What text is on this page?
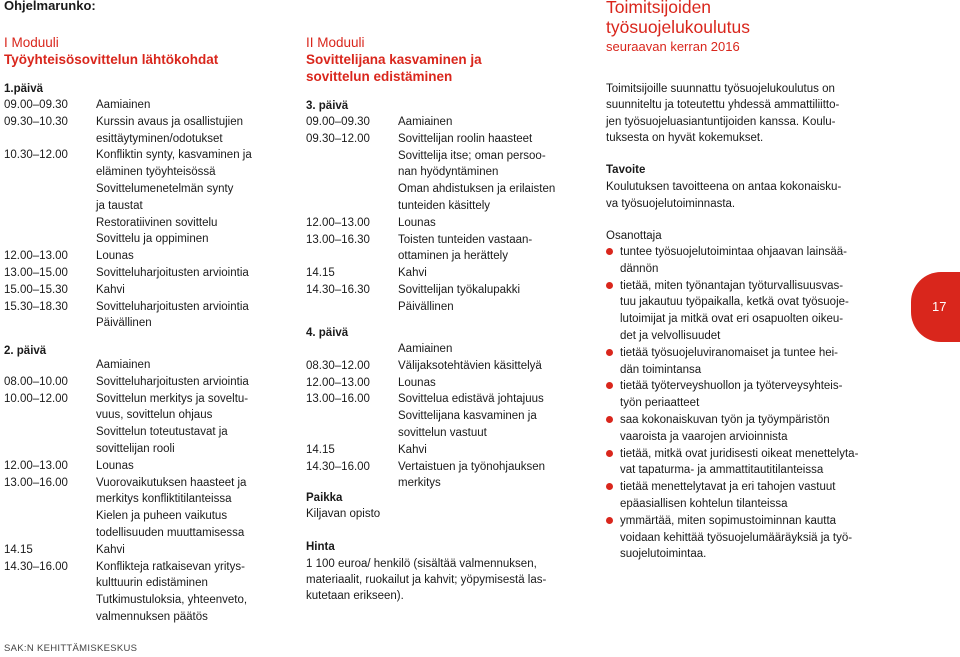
Ohjelmarunko:
I Moduuli
Työyhteisösovittelun lähtökohdat
1.päivä
09.00–09.30 Aamiainen
09.30–10.30 Kurssin avaus ja osallistujien
esittäytyminen/odotukset
10.30–12.00 Konfliktin synty, kasvaminen ja
eläminen työyhteisössä
Sovittelumenetelmän synty
ja taustat
Restoratiivinen sovittelu
Sovittelu ja oppiminen
12.00–13.00 Lounas
13.00–15.00 Sovitteluharjoitusten arviointia
15.00–15.30 Kahvi
15.30–18.30 Sovitteluharjoitusten arviointia
Päivällinen
2. päivä
Aamiainen
08.00–10.00 Sovitteluharjoitusten arviointia
10.00–12.00 Sovittelun merkitys ja soveltu-
vuus, sovittelun ohjaus
Sovittelun toteutustavat ja
sovittelijan rooli
12.00–13.00 Lounas
13.00–16.00 Vuorovaikutuksen haasteet ja
merkitys konfliktitilanteissa
Kielen ja puheen vaikutus
todellisuuden muuttamisessa
14.15	Kahvi
14.30–16.00 Konflikteja ratkaisevan yritys-
kulttuurin edistäminen
Tutkimustuloksia, yhteenveto,
valmennuksen päätös
II Moduuli
Sovittelijana kasvaminen ja
sovittelun edistäminen
3. päivä
09.00–09.30 Aamiainen
09.30–12.00 Sovittelijan roolin haasteet
Sovittelija itse; oman persoo-
nan hyödyntäminen
Oman ahdistuksen ja erilaisten
tunteiden käsittely
12.00–13.00 Lounas
13.00–16.30 Toisten tunteiden vastaan-
ottaminen ja herättely
14.15	Kahvi
14.30–16.30 Sovittelijan työkalupakki
Päivällinen
4. päivä
Aamiainen
08.30–12.00 Välijaksotehtävien käsittelyä
12.00–13.00 Lounas
13.00–16.00 Sovittelua edistävä johtajuus
Sovittelijana kasvaminen ja
sovittelun vastuut
14.15	Kahvi
14.30–16.00 Vertaistuen ja työnohjauksen
merkitys
Paikka
Kiljavan opisto
Hinta
1 100 euroa/ henkilö (sisältää valmennuksen,
materiaalit, ruokailut ja kahvit; yöpymisestä las-
kutetaan erikseen).
Toimitsijoiden
työsuojelukoulutus
seuraavan kerran 2016
Toimitsijoille suunnattu työsuojelukoulutus on
suunniteltu ja toteutettu yhdessä ammattiliitto-
jen työsuojeluasiantuntijoiden kanssa. Koulu-
tuksesta on hyvät kokemukset.
Tavoite
Koulutuksen tavoitteena on antaa kokonaisku-
va työsuojelutoiminnasta.
Osanottaja
tuntee työsuojelutoimintaa ohjaavan lainsää-
dännön
tietää, miten työnantajan työturvallisuusvas-
tuu jakautuu työpaikalla, ketkä ovat työsuoje-
lutoimijat ja mitkä ovat eri osapuolten oikeu-
det ja velvollisuudet
tietää työsuojeluviranomaiset ja tuntee hei-
dän toimintansa
tietää työterveyshuollon ja työterveysyhteis-
työn periaatteet
saa kokonaiskuvan työn ja työympäristön
vaaroista ja vaarojen arvioinnista
tietää, mitkä ovat juridisesti oikeat menettelyta-
vat tapaturma- ja ammattitautitilanteissa
tietää menettelytavat ja eri tahojen vastuut
epäasiallisen kohtelun tilanteissa
ymmärtää, miten sopimustoiminnan kautta
voidaan kehittää työsuojelumääräyksiä ja työ-
suojelutoimintaa.
17
SAK:N KEHITTÄMISKESKUS
